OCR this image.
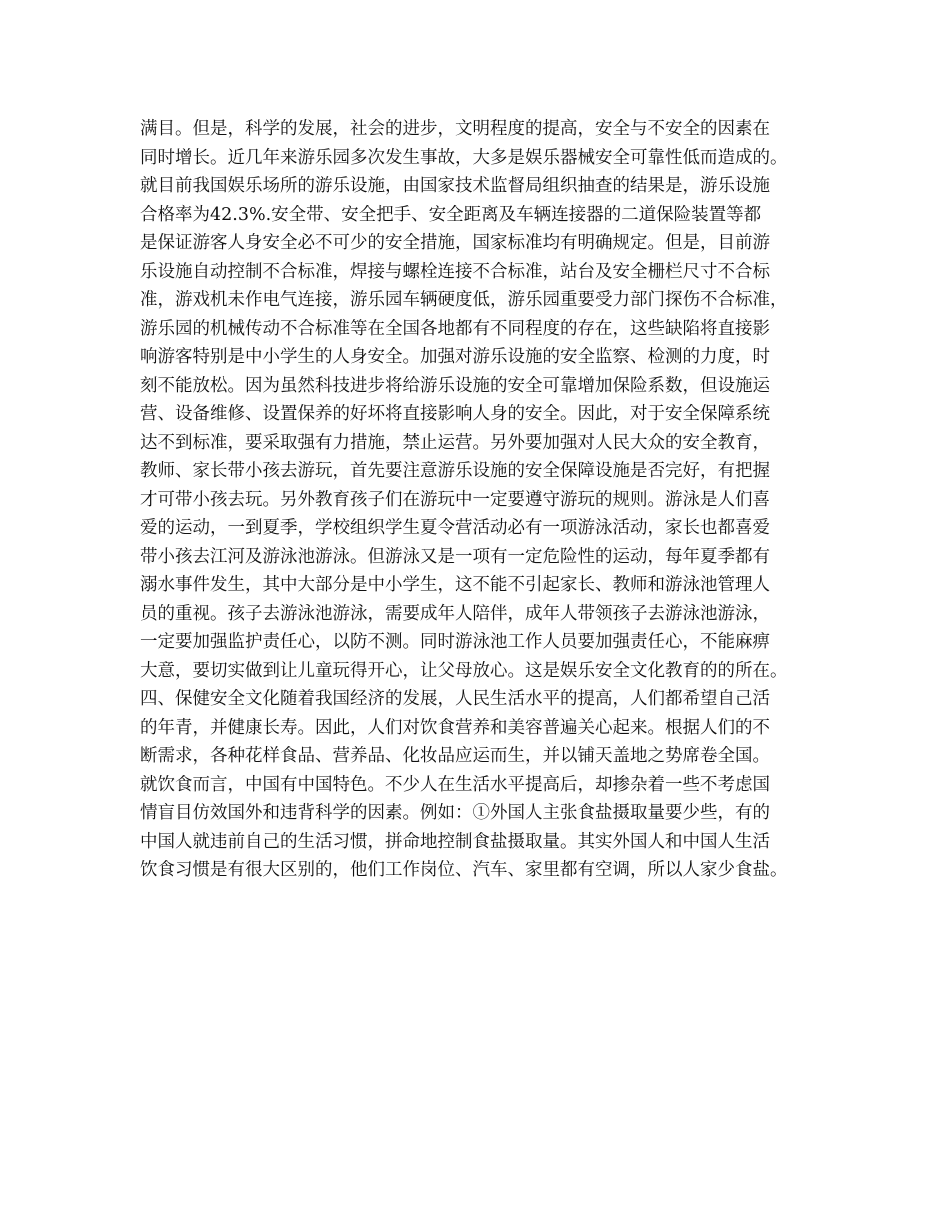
满目。但是，科学的发展，社会的进步，文明程度的提高，安全与不安全的因素在
同时增长。近几年来游乐园多次发生事故，大多是娱乐器械安全可靠性低而造成的。
就目前我国娱乐场所的游乐设施，由国家技术监督局组织抽查的结果是，游乐设施
合格率为42.3%.安全带、安全把手、安全距离及车辆连接器的二道保险装置等都
是保证游客人身安全必不可少的安全措施，国家标准均有明确规定。但是，目前游
乐设施自动控制不合标准，焊接与螺栓连接不合标准，站台及安全栅栏尺寸不合标
准，游戏机未作电气连接，游乐园车辆硬度低，游乐园重要受力部门探伤不合标准，
游乐园的机械传动不合标准等在全国各地都有不同程度的存在，这些缺陷将直接影
响游客特别是中小学生的人身安全。加强对游乐设施的安全监察、检测的力度，时
刻不能放松。因为虽然科技进步将给游乐设施的安全可靠增加保险系数，但设施运
营、设备维修、设置保养的好坏将直接影响人身的安全。因此，对于安全保障系统
达不到标准，要采取强有力措施，禁止运营。另外要加强对人民大众的安全教育，
教师、家长带小孩去游玩，首先要注意游乐设施的安全保障设施是否完好，有把握
才可带小孩去玩。另外教育孩子们在游玩中一定要遵守游玩的规则。游泳是人们喜
爱的运动，一到夏季，学校组织学生夏令营活动必有一项游泳活动，家长也都喜爱
带小孩去江河及游泳池游泳。但游泳又是一项有一定危险性的运动，每年夏季都有
溺水事件发生，其中大部分是中小学生，这不能不引起家长、教师和游泳池管理人
员的重视。孩子去游泳池游泳，需要成年人陪伴，成年人带领孩子去游泳池游泳，
一定要加强监护责任心，以防不测。同时游泳池工作人员要加强责任心，不能麻痹
大意，要切实做到让儿童玩得开心，让父母放心。这是娱乐安全文化教育的的所在。
四、保健安全文化随着我国经济的发展，人民生活水平的提高，人们都希望自己活
的年青，并健康长寿。因此，人们对饮食营养和美容普遍关心起来。根据人们的不
断需求，各种花样食品、营养品、化妆品应运而生，并以铺天盖地之势席卷全国。
就饮食而言，中国有中国特色。不少人在生活水平提高后，却掺杂着一些不考虑国
情盲目仿效国外和违背科学的因素。例如：①外国人主张食盐摄取量要少些，有的
中国人就违前自己的生活习惯，拼命地控制食盐摄取量。其实外国人和中国人生活
饮食习惯是有很大区别的，他们工作岗位、汽车、家里都有空调，所以人家少食盐。
